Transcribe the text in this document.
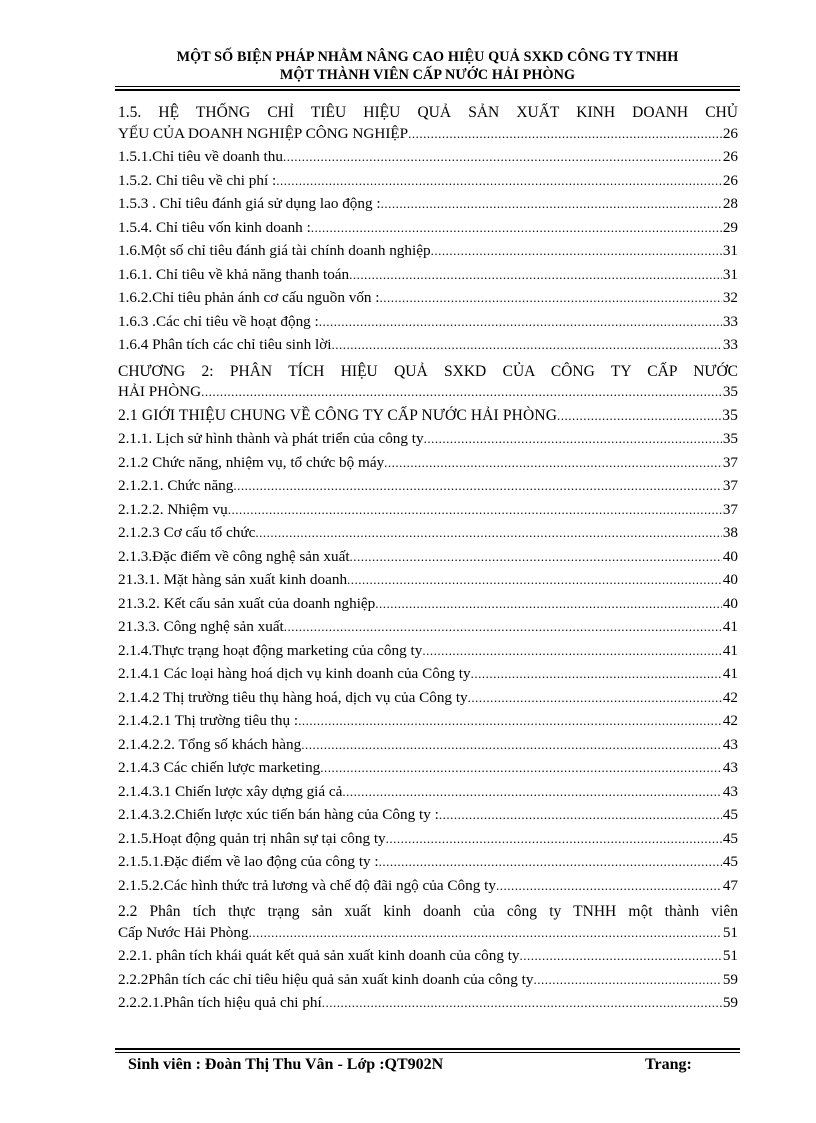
MỘT SỐ BIỆN PHÁP NHẰM NÂNG CAO HIỆU QUẢ SXKD CÔNG TY TNHH
MỘT THÀNH VIÊN CẤP NƯỚC HẢI PHÒNG
1.5. HỆ THỐNG CHỈ TIÊU HIỆU QUẢ SẢN XUẤT KINH DOANH CHỦ
YẾU CỦA DOANH NGHIỆP CÔNG NGHIỆP .....	26
1.5.1.Chỉ tiêu về doanh thu .....	26
1.5.2. Chỉ tiêu về chi phí : .....	26
1.5.3 . Chỉ tiêu đánh giá sử dụng lao động : .....	28
1.5.4. Chỉ tiêu vốn kinh doanh : .....	29
1.6.Một số chỉ tiêu đánh giá tài chính doanh nghiệp .....	31
1.6.1. Chỉ tiêu về khả năng thanh toán .....	31
1.6.2.Chỉ tiêu phản ánh cơ cấu nguồn vốn : .....	32
1.6.3 .Các chỉ tiêu về hoạt động : .....	33
1.6.4 Phân tích các chỉ tiêu sinh lời .....	33
CHƯƠNG 2: PHÂN TÍCH HIỆU QUẢ SXKD CỦA CÔNG TY CẤP NƯỚC
HẢI PHÒNG .....	35
2.1 GIỚI THIỆU CHUNG VỀ CÔNG TY CẤP NƯỚC HẢI PHÒNG .....	35
2.1.1. Lịch sử hình thành và phát triển của công ty .....	35
2.1.2 Chức năng, nhiệm vụ, tổ chức bộ máy .....	37
2.1.2.1. Chức năng .....	37
2.1.2.2. Nhiệm vụ .....	37
2.1.2.3 Cơ cấu tổ chức .....	38
2.1.3.Đặc điểm về công nghệ sản xuất .....	40
21.3.1. Mặt hàng sản xuất kinh doanh .....	40
21.3.2. Kết cấu sản xuất của doanh nghiệp .....	40
21.3.3. Công nghệ sản xuất .....	41
2.1.4.Thực trạng hoạt động marketing của công ty .....	41
2.1.4.1 Các loại hàng hoá dịch vụ kinh doanh của Công ty .....	41
2.1.4.2 Thị trường tiêu thụ hàng hoá, dịch vụ của Công ty .....	42
2.1.4.2.1 Thị trường tiêu thụ : .....	42
2.1.4.2.2. Tổng số khách hàng .....	43
2.1.4.3 Các chiến lược marketing .....	43
2.1.4.3.1 Chiến lược xây dựng giá cả .....	43
2.1.4.3.2.Chiến lược xúc tiến bán hàng của Công ty : .....	45
2.1.5.Hoạt động quản trị nhân sự tại công ty .....	45
2.1.5.1.Đặc điểm về lao động của công ty : .....	45
2.1.5.2.Các hình thức trả lương và chế độ đãi ngộ của Công ty .....	47
2.2 Phân tích thực trạng sản xuất kinh doanh của công ty TNHH một thành viên
Cấp Nước Hải Phòng .....	51
2.2.1. phân tích khái quát kết quả sản xuất kinh doanh của công ty .....	51
2.2.2Phân tích các chỉ tiêu hiệu quả sản xuất kinh doanh của công ty .....	59
2.2.2.1.Phân tích hiệu quả chi phí .....	59
Sinh viên : Đoàn Thị Thu Vân - Lớp :QT902N	Trang:
